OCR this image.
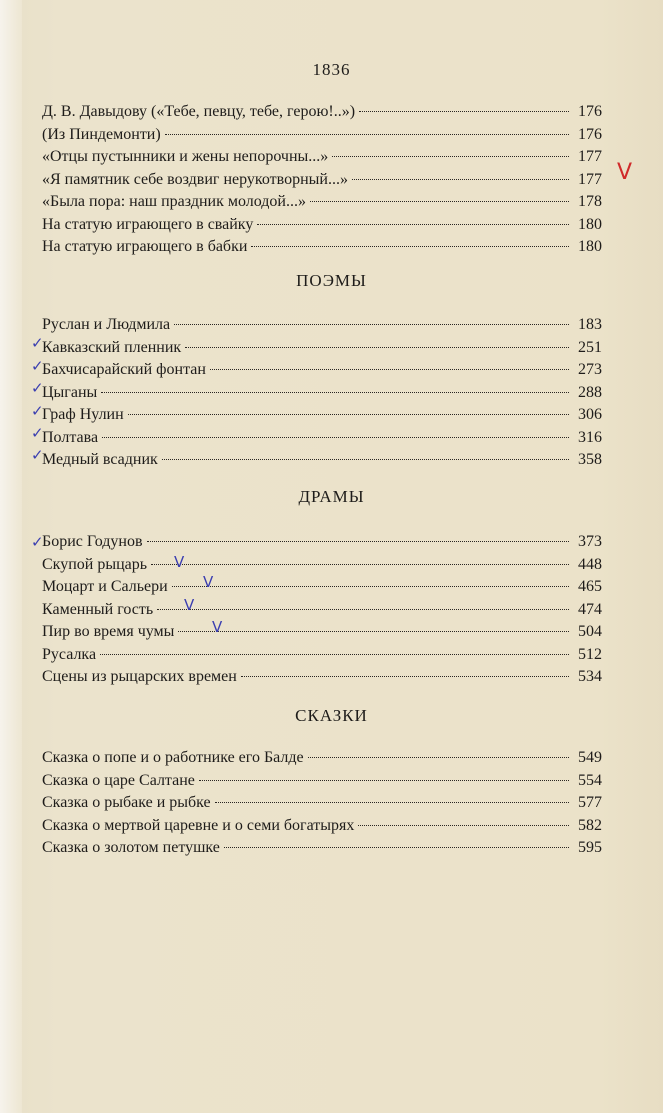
1836
Д. В. Давыдову («Тебе, певцу, тебе, герою!..»)	176
(Из Пиндемонти)	176
«Отцы пустынники и жены непорочны...»	177
«Я памятник себе воздвиг нерукотворный...»	177
«Была пора: наш праздник молодой...»	178
На статую играющего в свайку	180
На статую играющего в бабки	180
ПОЭМЫ
Руслан и Людмила	183
Кавказский пленник	251
Бахчисарайский фонтан	273
Цыганы	288
Граф Нулин	306
Полтава	316
Медный всадник	358
ДРАМЫ
Борис Годунов	373
Скупой рыцарь	448
Моцарт и Сальери	465
Каменный гость	474
Пир во время чумы	504
Русалка	512
Сцены из рыцарских времен	534
СКАЗКИ
Сказка о попе и о работнике его Балде	549
Сказка о царе Салтане	554
Сказка о рыбаке и рыбке	577
Сказка о мертвой царевне и о семи богатырях	582
Сказка о золотом петушке	595
V
✓
✓
✓
✓
✓
✓
✓
V
V
V
V
